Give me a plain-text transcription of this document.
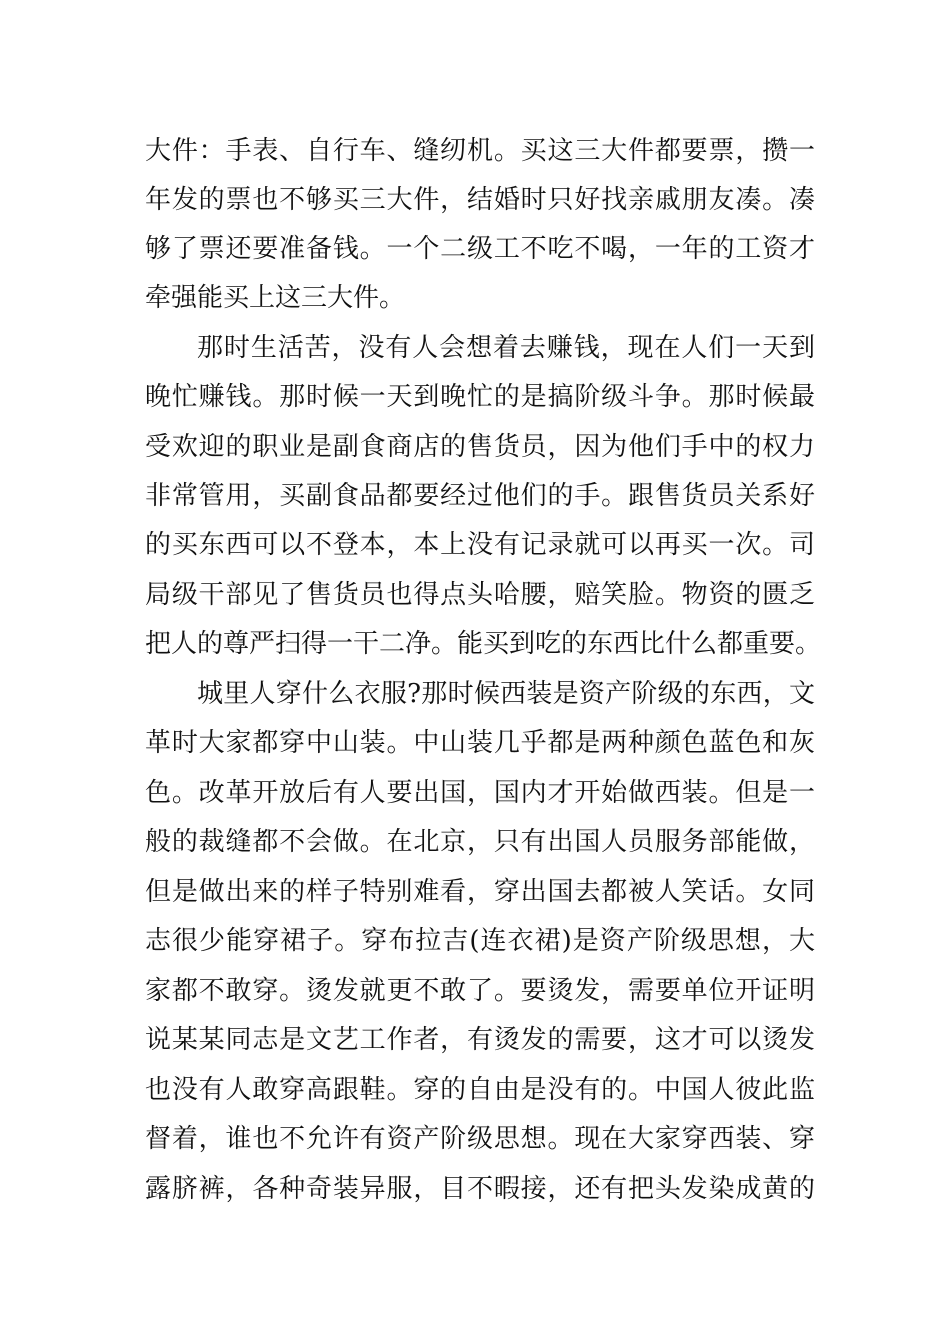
大件：手表、自行车、缝纫机。买这三大件都要票，攒一
年发的票也不够买三大件，结婚时只好找亲戚朋友凑。凑
够了票还要准备钱。一个二级工不吃不喝，一年的工资才
牵强能买上这三大件。
那时生活苦，没有人会想着去赚钱，现在人们一天到
晚忙赚钱。那时候一天到晚忙的是搞阶级斗争。那时候最
受欢迎的职业是副食商店的售货员，因为他们手中的权力
非常管用，买副食品都要经过他们的手。跟售货员关系好
的买东西可以不登本，本上没有记录就可以再买一次。司
局级干部见了售货员也得点头哈腰，赔笑脸。物资的匮乏
把人的尊严扫得一干二净。能买到吃的东西比什么都重要。
城里人穿什么衣服?那时候西装是资产阶级的东西，文
革时大家都穿中山装。中山装几乎都是两种颜色蓝色和灰
色。改革开放后有人要出国，国内才开始做西装。但是一
般的裁缝都不会做。在北京，只有出国人员服务部能做，
但是做出来的样子特别难看，穿出国去都被人笑话。女同
志很少能穿裙子。穿布拉吉(连衣裙)是资产阶级思想，大
家都不敢穿。烫发就更不敢了。要烫发，需要单位开证明
说某某同志是文艺工作者，有烫发的需要，这才可以烫发
也没有人敢穿高跟鞋。穿的自由是没有的。中国人彼此监
督着，谁也不允许有资产阶级思想。现在大家穿西装、穿
露脐裤，各种奇装异服，目不暇接，还有把头发染成黄的
